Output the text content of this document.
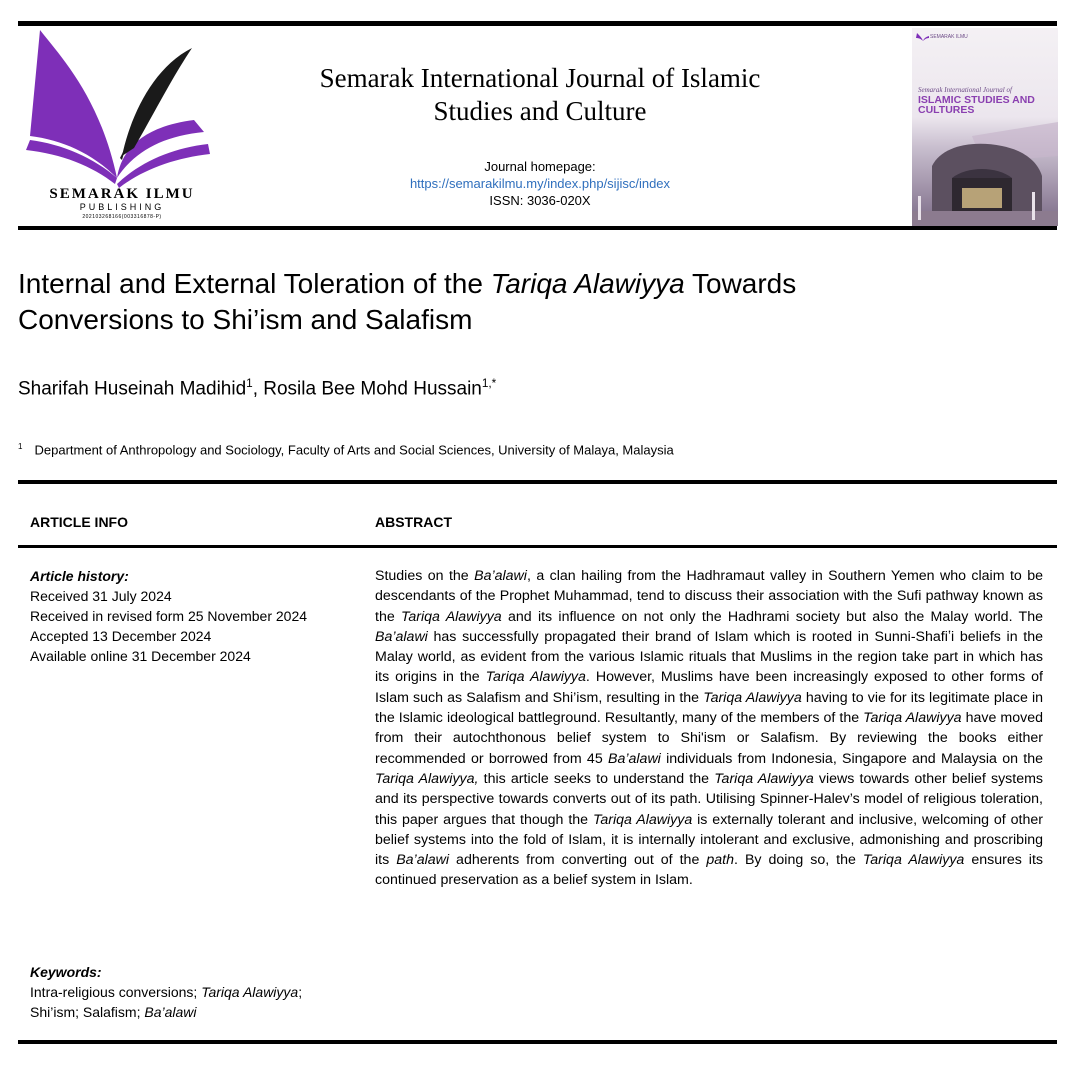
SEMARAK ILMU
PUBLISHING
202103268166(003316878-P)
Semarak International Journal of Islamic
Studies and Culture
Journal homepage:
https://semarakilmu.my/index.php/sijisc/index
ISSN: 3036-020X
SEMARAK ILMU
Semarak International Journal of
ISLAMIC STUDIES AND CULTURES
Internal and External Toleration of the Tariqa Alawiyya Towards
Conversions to Shi’ism and Salafism
Sharifah Huseinah Madihid$^1$, Rosila Bee Mohd Hussain$^{1,*}$
$^1$ Department of Anthropology and Sociology, Faculty of Arts and Social Sciences, University of Malaya, Malaysia
ARTICLE INFO	ABSTRACT
Article history:
Received 31 July 2024
Received in revised form 25 November 2024
Accepted 13 December 2024
Available online 31 December 2024
Keywords:
Intra-religious conversions; Tariqa Alawiyya; Shi’ism; Salafism; Ba’alawi
Studies on the Ba’alawi, a clan hailing from the Hadhramaut valley in Southern Yemen who claim to be descendants of the Prophet Muhammad, tend to discuss their association with the Sufi pathway known as the Tariqa Alawiyya and its influence on not only the Hadhrami society but also the Malay world. The Ba’alawi has successfully propagated their brand of Islam which is rooted in Sunni-Shafiʽi beliefs in the Malay world, as evident from the various Islamic rituals that Muslims in the region take part in which has its origins in the Tariqa Alawiyya. However, Muslims have been increasingly exposed to other forms of Islam such as Salafism and Shi’ism, resulting in the Tariqa Alawiyya having to vie for its legitimate place in the Islamic ideological battleground. Resultantly, many of the members of the Tariqa Alawiyya have moved from their autochthonous belief system to Shi'ism or Salafism. By reviewing the books either recommended or borrowed from 45 Ba’alawi individuals from Indonesia, Singapore and Malaysia on the Tariqa Alawiyya, this article seeks to understand the Tariqa Alawiyya views towards other belief systems and its perspective towards converts out of its path. Utilising Spinner-Halev’s model of religious toleration, this paper argues that though the Tariqa Alawiyya is externally tolerant and inclusive, welcoming of other belief systems into the fold of Islam, it is internally intolerant and exclusive, admonishing and proscribing its Ba’alawi adherents from converting out of the path. By doing so, the Tariqa Alawiyya ensures its continued preservation as a belief system in Islam.
